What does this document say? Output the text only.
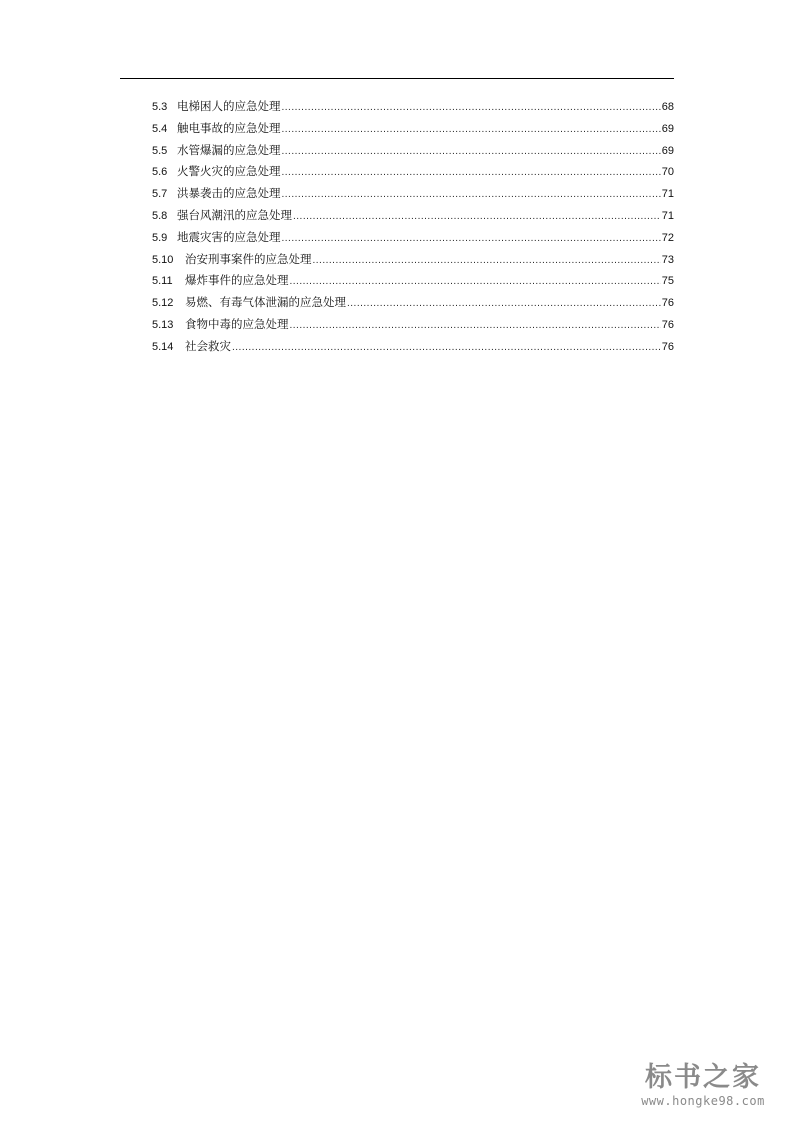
5.3 电梯困人的应急处理 .....	68
5.4 触电事故的应急处理 .....	69
5.5 水管爆漏的应急处理 .....	69
5.6 火警火灾的应急处理 .....	70
5.7 洪暴袭击的应急处理 .....	71
5.8 强台风潮汛的应急处理 .....	71
5.9 地震灾害的应急处理 .....	72
5.10	治安刑事案件的应急处理 .....	73
5.11	爆炸事件的应急处理 .....	75
5.12	易燃、有毒气体泄漏的应急处理 .....	76
5.13	食物中毒的应急处理 .....	76
5.14	社会救灾 .....	76
标书之家
www.hongke98.com
